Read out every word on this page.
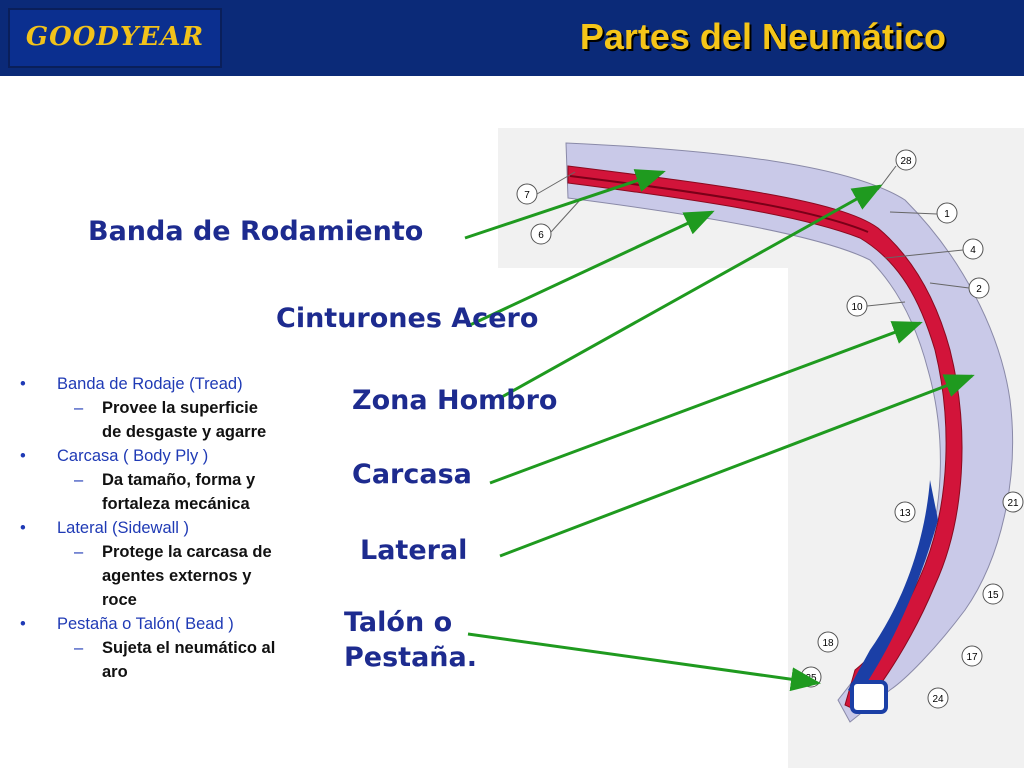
GOODYEAR	Partes del Neumático
28
7
1
6
4
2
10
21
13
15
18
17
25
24
Banda de Rodamiento
Cinturones Acero
Zona Hombro
Carcasa
Lateral
Talón o
Pestaña.
• Banda de Rodaje (Tread)
– Provee la superficie
de desgaste y agarre
• Carcasa ( Body Ply )
– Da tamaño, forma y
fortaleza mecánica
• Lateral (Sidewall )
– Protege la carcasa de
agentes externos y
roce
• Pestaña o Talón( Bead )
– Sujeta el neumático al
aro
